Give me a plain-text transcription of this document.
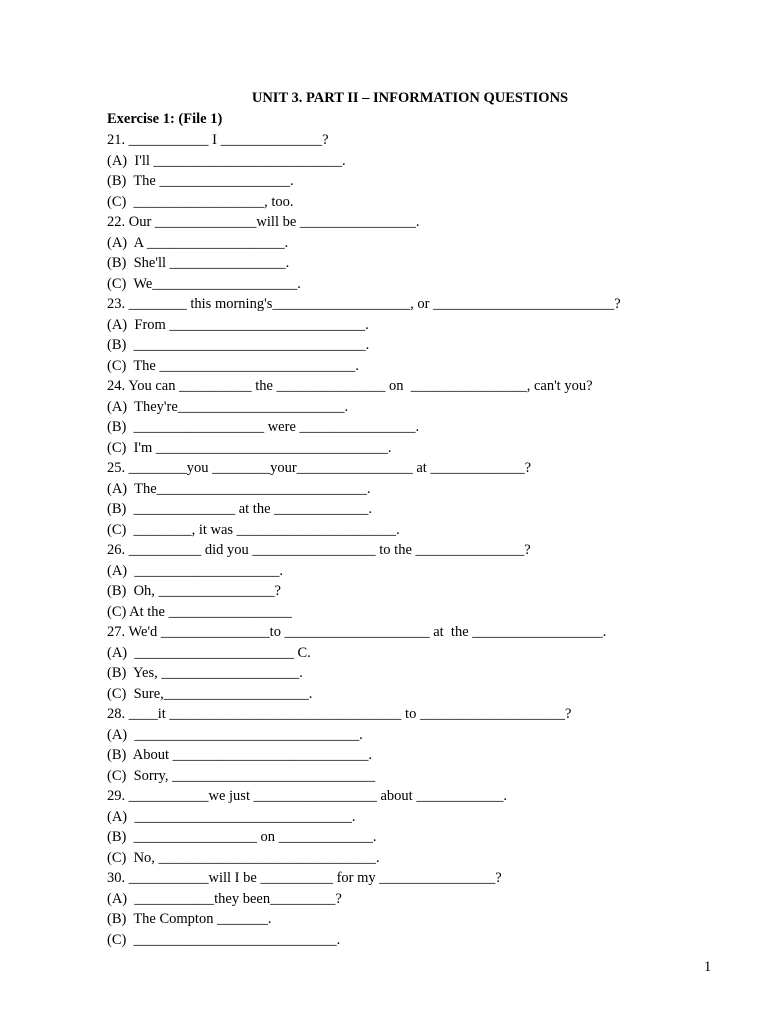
UNIT 3. PART II – INFORMATION QUESTIONS
Exercise 1: (File 1)
21. ___________ I ______________?
(A)  I'll __________________________.
(B)  The __________________.
(C)  __________________, too.
22. Our ______________will be ________________.
(A)  A ___________________.
(B)  She'll ________________.
(C)  We____________________.
23. ________ this morning's___________________, or _________________________?
(A)  From ___________________________.
(B)  ________________________________.
(C)  The ___________________________.
24. You can __________ the _______________ on  ________________, can't you?
(A)  They're_______________________.
(B)  __________________ were ________________.
(C)  I'm ________________________________.
25. ________you ________your________________ at _____________?
(A)  The_____________________________.
(B)  ______________ at the _____________.
(C)  ________, it was ______________________.
26. __________ did you _________________ to the _______________?
(A)  ____________________.
(B)  Oh, ________________?
(C) At the _________________
27. We'd _______________to ____________________ at  the __________________.
(A)  ______________________ C.
(B)  Yes, ___________________.
(C)  Sure,____________________.
28. ____it ________________________________ to ____________________?
(A)  _______________________________.
(B)  About ___________________________.
(C)  Sorry, ____________________________
29. ___________we just _________________ about ____________.
(A)  ______________________________.
(B)  _________________ on _____________.
(C)  No, ______________________________.
30. ___________will I be __________ for my ________________?
(A)  ___________they been_________?
(B)  The Compton _______.
(C)  ____________________________.
1
